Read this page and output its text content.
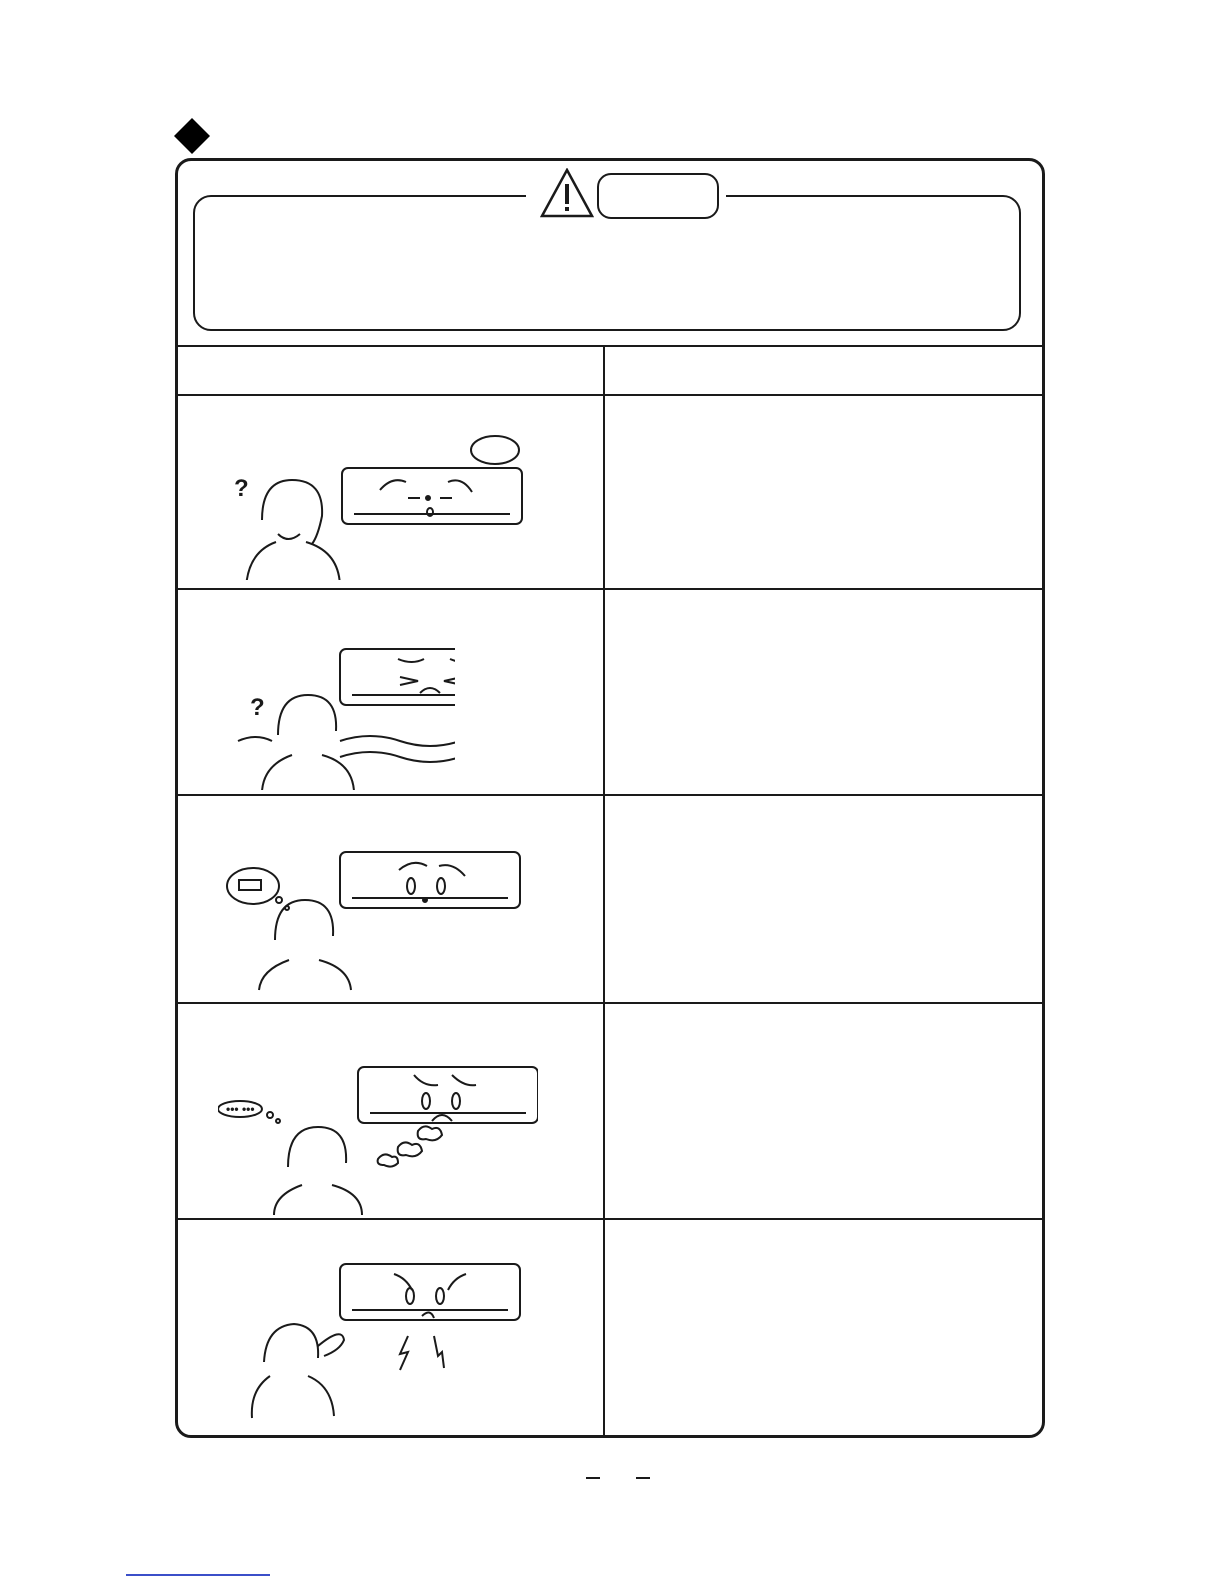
?
?
••• •••
